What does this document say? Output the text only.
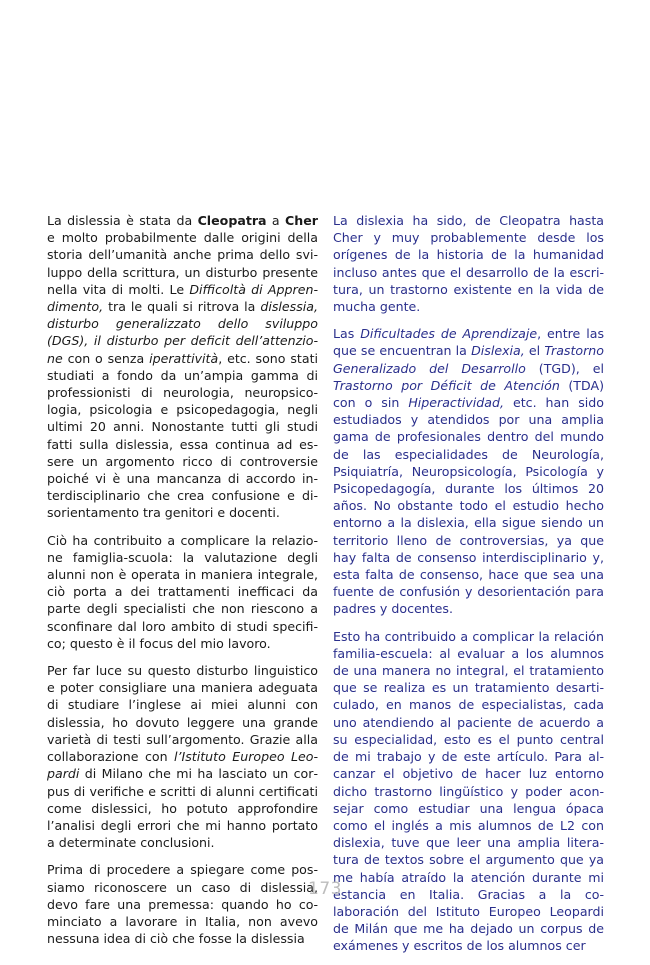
La dislessia è stata da Cleopatra a Cher e molto probabilmente dalle origini della storia dell’umanità anche prima dello sviluppo della scrittura, un disturbo presente nella vita di molti. Le Difficoltà di Apprendimento, tra le quali si ritrova la dislessia, disturbo generalizzato dello sviluppo (DGS), il disturbo per deficit dell’attenzione con o senza iperattività, etc. sono stati studiati a fondo da un’ampia gamma di professionisti di neurologia, neuropsicologia, psicologia e psicopedagogia, negli ultimi 20 anni. Nonostante tutti gli studi fatti sulla dislessia, essa continua ad essere un argomento ricco di controversie poiché vi è una mancanza di accordo interdisciplinario che crea confusione e disorientamento tra genitori e docenti.

Ciò ha contribuito a complicare la relazione famiglia-scuola: la valutazione degli alunni non è operata in maniera integrale, ciò porta a dei trattamenti inefficaci da parte degli specialisti che non riescono a sconfinare dal loro ambito di studi specifico; questo è il focus del mio lavoro.

Per far luce su questo disturbo linguistico e poter consigliare una maniera adeguata di studiare l’inglese ai miei alunni con dislessia, ho dovuto leggere una grande varietà di testi sull’argomento. Grazie alla collaborazione con l’Istituto Europeo Leopardi di Milano che mi ha lasciato un corpus di verifiche e scritti di alunni certificati come dislessici, ho potuto approfondire l’analisi degli errori che mi hanno portato a determinate conclusioni.

Prima di procedere a spiegare come possiamo riconoscere un caso di dislessia, devo fare una premessa: quando ho cominciato a lavorare in Italia, non avevo nessuna idea di ciò che fosse la dislessia

La dislexia ha sido, de Cleopatra hasta Cher y muy probablemente desde los orígenes de la historia de la humanidad incluso antes que el desarrollo de la escritura, un trastorno existente en la vida de mucha gente.

Las Dificultades de Aprendizaje, entre las que se encuentran la Dislexia, el Trastorno Generalizado del Desarrollo (TGD), el Trastorno por Déficit de Atención (TDA) con o sin Hiperactividad, etc. han sido estudiados y atendidos por una amplia gama de profesionales dentro del mundo de las especialidades de Neurología, Psiquiatría, Neuropsicología, Psicología y Psicopedagogía, durante los últimos 20 años. No obstante todo el estudio hecho entorno a la dislexia, ella sigue siendo un territorio lleno de controversias, ya que hay falta de consenso interdisciplinario y, esta falta de consenso, hace que sea una fuente de confusión y desorientación para padres y docentes.

Esto ha contribuido a complicar la relación familia-escuela: al evaluar a los alumnos de una manera no integral, el tratamiento que se realiza es un tratamiento desarticulado, en manos de especialistas, cada uno atendiendo al paciente de acuerdo a su especialidad, esto es el punto central de mi trabajo y de este artículo. Para alcanzar el objetivo de hacer luz entorno dicho trastorno lingüístico y poder aconsejar como estudiar una lengua ópaca como el inglés a mis alumnos de L2 con dislexia, tuve que leer una amplia literatura de textos sobre el argumento que ya me había atraído la atención durante mi estancia en Italia. Gracias a la colaboración del Istituto Europeo Leopardi de Milán que me ha dejado un corpus de exámenes y escritos de los alumnos cer

173
